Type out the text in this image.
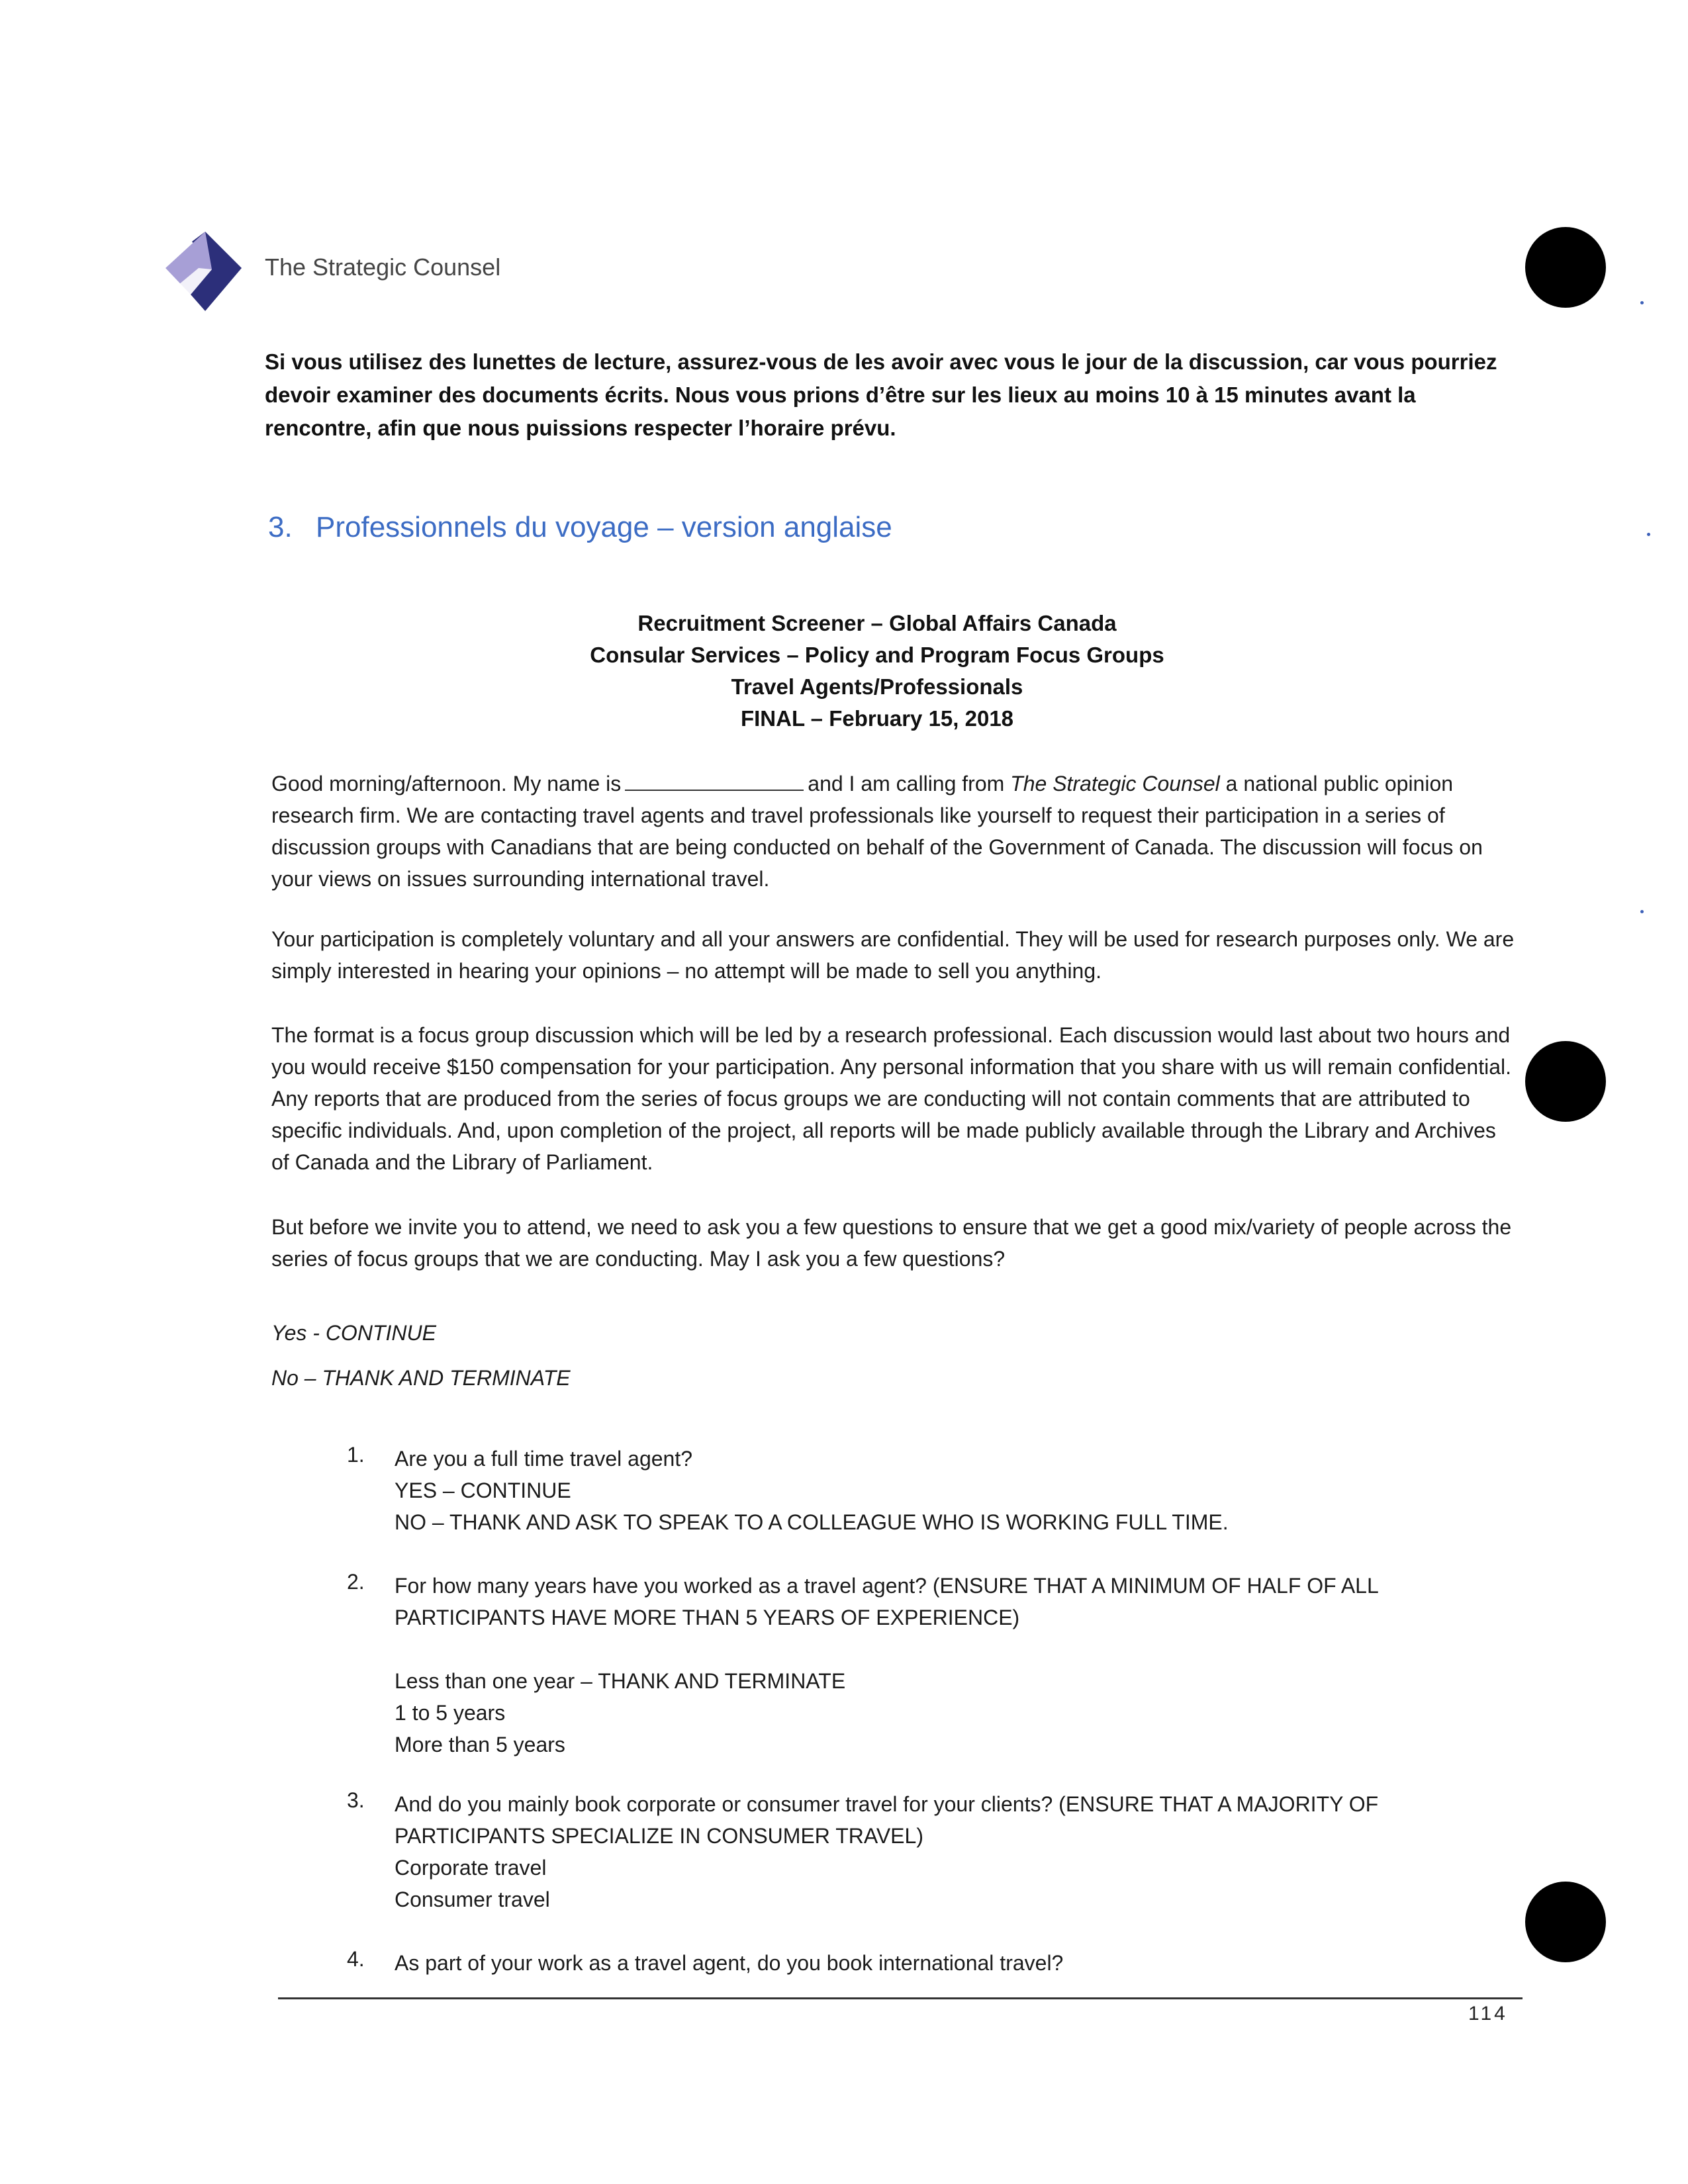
The Strategic Counsel
Si vous utilisez des lunettes de lecture, assurez-vous de les avoir avec vous le jour de la discussion, car vous pourriez
devoir examiner des documents écrits. Nous vous prions d’être sur les lieux au moins 10 à 15 minutes avant la
rencontre, afin que nous puissions respecter l’horaire prévu.
3. Professionnels du voyage – version anglaise
Recruitment Screener – Global Affairs Canada
Consular Services – Policy and Program Focus Groups
Travel Agents/Professionals
FINAL – February 15, 2018
Good morning/afternoon. My name is	and I am calling from The Strategic Counsel a national public opinion research firm. We are contacting travel agents and travel professionals like yourself to request their participation in a series of discussion groups with Canadians that are being conducted on behalf of the Government of Canada. The discussion will focus on your views on issues surrounding international travel.
Your participation is completely voluntary and all your answers are confidential. They will be used for research purposes only. We are simply interested in hearing your opinions – no attempt will be made to sell you anything.
The format is a focus group discussion which will be led by a research professional. Each discussion would last about two hours and you would receive $150 compensation for your participation. Any personal information that you share with us will remain confidential. Any reports that are produced from the series of focus groups we are conducting will not contain comments that are attributed to specific individuals. And, upon completion of the project, all reports will be made publicly available through the Library and Archives of Canada and the Library of Parliament.
But before we invite you to attend, we need to ask you a few questions to ensure that we get a good mix/variety of people across the series of focus groups that we are conducting. May I ask you a few questions?
Yes - CONTINUE
No – THANK AND TERMINATE
1. Are you a full time travel agent?
YES – CONTINUE
NO – THANK AND ASK TO SPEAK TO A COLLEAGUE WHO IS WORKING FULL TIME.
2. For how many years have you worked as a travel agent? (ENSURE THAT A MINIMUM OF HALF OF ALL
PARTICIPANTS HAVE MORE THAN 5 YEARS OF EXPERIENCE)
Less than one year – THANK AND TERMINATE
1 to 5 years
More than 5 years
3. And do you mainly book corporate or consumer travel for your clients? (ENSURE THAT A MAJORITY OF
PARTICIPANTS SPECIALIZE IN CONSUMER TRAVEL)
Corporate travel
Consumer travel
4. As part of your work as a travel agent, do you book international travel?
114
